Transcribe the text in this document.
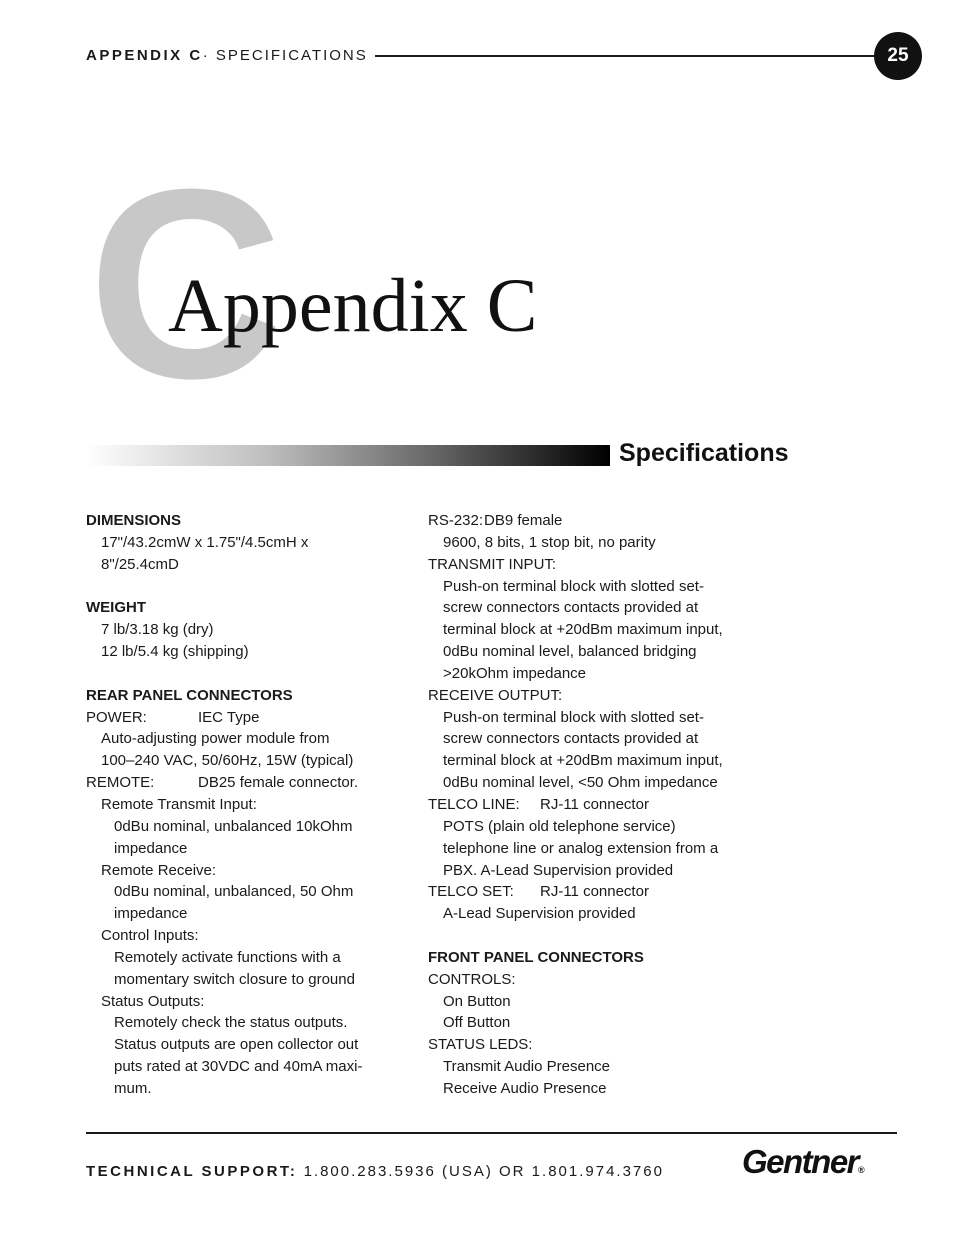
APPENDIX C· SPECIFICATIONS	25
C
Appendix C
Specifications
DIMENSIONS
17"/43.2cmW x 1.75"/4.5cmH x
8"/25.4cmD
WEIGHT
7 lb/3.18 kg (dry)
12 lb/5.4 kg (shipping)
REAR PANEL CONNECTORS
POWER:	IEC Type
Auto-adjusting power module from
100–240 VAC, 50/60Hz, 15W (typical)
REMOTE:	DB25 female connector.
Remote Transmit Input:
0dBu nominal, unbalanced 10kOhm
impedance
Remote Receive:
0dBu nominal, unbalanced, 50 Ohm
impedance
Control Inputs:
Remotely activate functions with a
momentary switch closure to ground
Status Outputs:
Remotely check the status outputs.
Status outputs are open collector out
puts rated at 30VDC and 40mA maxi-
mum.
RS-232:DB9 female
9600, 8 bits, 1 stop bit, no parity
TRANSMIT INPUT:
Push-on terminal block with slotted set-
screw connectors contacts provided at
terminal block at +20dBm maximum input,
0dBu nominal level, balanced bridging
>20kOhm impedance
RECEIVE OUTPUT:
Push-on terminal block with slotted set-
screw connectors contacts provided at
terminal block at +20dBm maximum input,
0dBu nominal level, <50 Ohm impedance
TELCO LINE: RJ-11 connector
POTS (plain old telephone service)
telephone line or analog extension from a
PBX. A-Lead Supervision provided
TELCO SET: RJ-11 connector
A-Lead Supervision provided
FRONT PANEL CONNECTORS
CONTROLS:
On Button
Off Button
STATUS LEDS:
Transmit Audio Presence
Receive Audio Presence
TECHNICAL SUPPORT: 1.800.283.5936 (USA) OR 1.801.974.3760 Gentner®
